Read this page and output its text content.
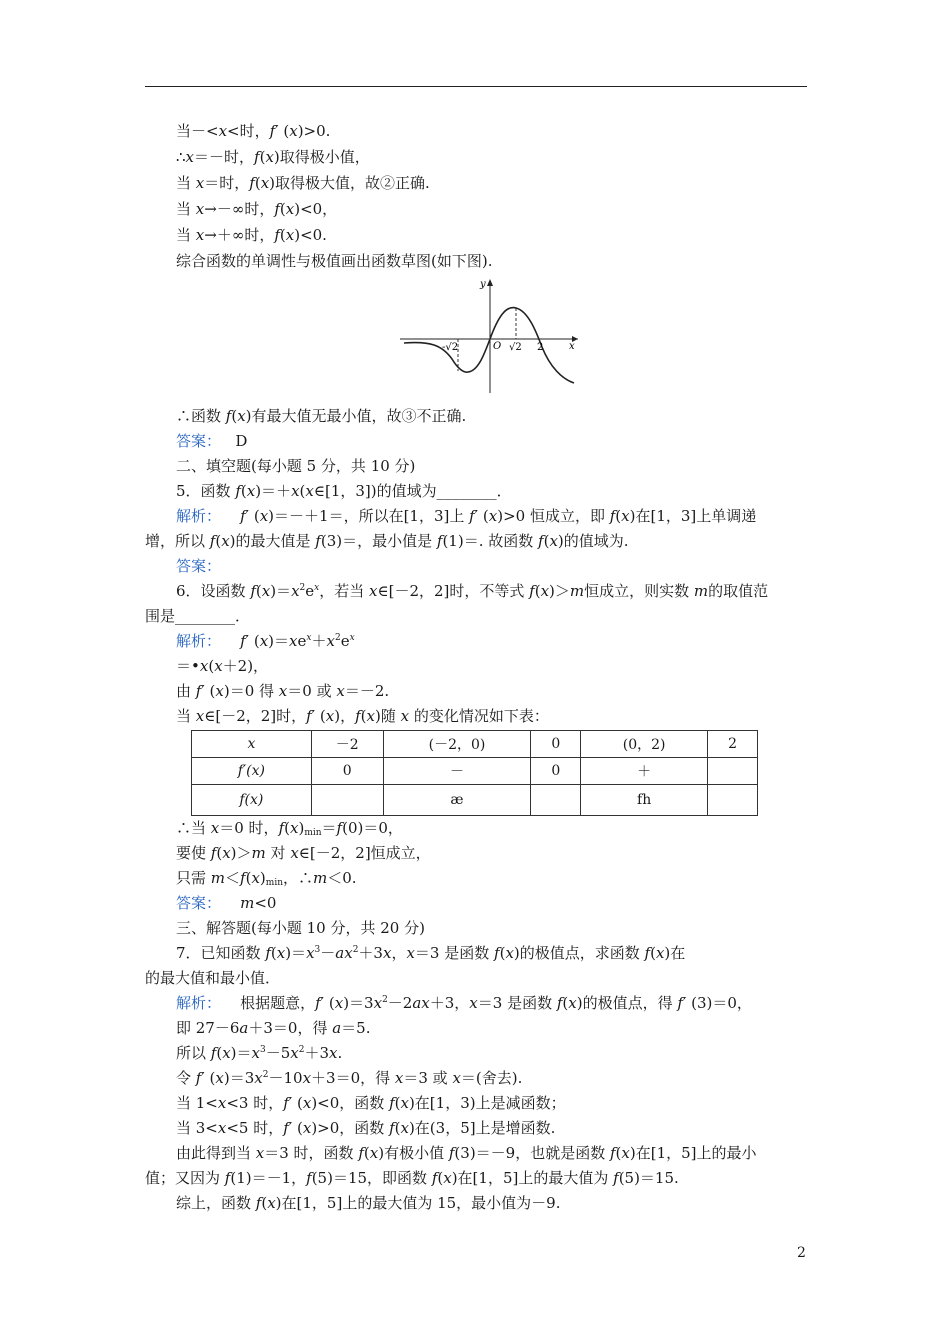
当－<x<时，f′ (x)>0.
∴x＝－时，f(x)取得极小值，
当 x＝时，f(x)取得极大值，故②正确.
当 x→－∞时，f(x)<0，
当 x→＋∞时，f(x)<0.
综合函数的单调性与极值画出函数草图(如下图).
y
x
O
-√2	√2 2
∴函数 f(x)有最大值无最小值，故③不正确.
答案： D
二、填空题(每小题 5 分，共 10 分)
5．函数 f(x)＝＋x(x∈[1，3])的值域为________．
解析： f′ (x)＝－＋1＝，所以在[1，3]上 f′ (x)>0 恒成立，即 f(x)在[1，3]上单调递
增，所以 f(x)的最大值是 f(3)＝，最小值是 f(1)＝. 故函数 f(x)的值域为.
答案：
6．设函数 $f(x)=x^2e^x$，若当 x∈[－2，2]时，不等式 f(x)＞m恒成立，则实数 m的取值范
围是________．
解析： f′ $(x)=xe^x+x^2e^x$
＝•x(x＋2)，
由 f′ (x)＝0 得 x＝0 或 x＝－2.
当 x∈[－2，2]时，f′ (x)，f(x)随 x 的变化情况如下表：
x	－2	(－2，0)	0	(0，2)	2
f′(x)	0	－	0	＋	
f(x)		æ		fh	
∴当 x＝0 时，$f(x)_{min}=f(0)=0$，
要使 f(x)＞m 对 x∈[－2，2]恒成立，
只需 $m<f(x)_{min}$，∴m＜0.
答案： m<0
三、解答题(每小题 10 分，共 20 分)
7．已知函数 $f(x)=x^3-ax^2+3x$，x＝3 是函数 f(x)的极值点，求函数 f(x)在
的最大值和最小值．
解析： 根据题意，f′ $(x)=3x^2-2ax+3$，x＝3 是函数 f(x)的极值点，得 f′ (3)＝0，
即 27－6a＋3＝0，得 a＝5.
所以 $f(x)=x^3-5x^2+3x$.
令 f′ $(x)=3x^2-10x+3=0$，得 x＝3 或 x＝(舍去).
当 1<x<3 时，f′ (x)<0，函数 f(x)在[1，3)上是减函数；
当 3<x<5 时，f′ (x)>0，函数 f(x)在(3，5]上是增函数.
由此得到当 x＝3 时，函数 f(x)有极小值 f(3)＝－9，也就是函数 f(x)在[1，5]上的最小
值；又因为 f(1)＝－1，f(5)＝15，即函数 f(x)在[1，5]上的最大值为 f(5)＝15.
综上，函数 f(x)在[1，5]上的最大值为 15，最小值为－9.
2
